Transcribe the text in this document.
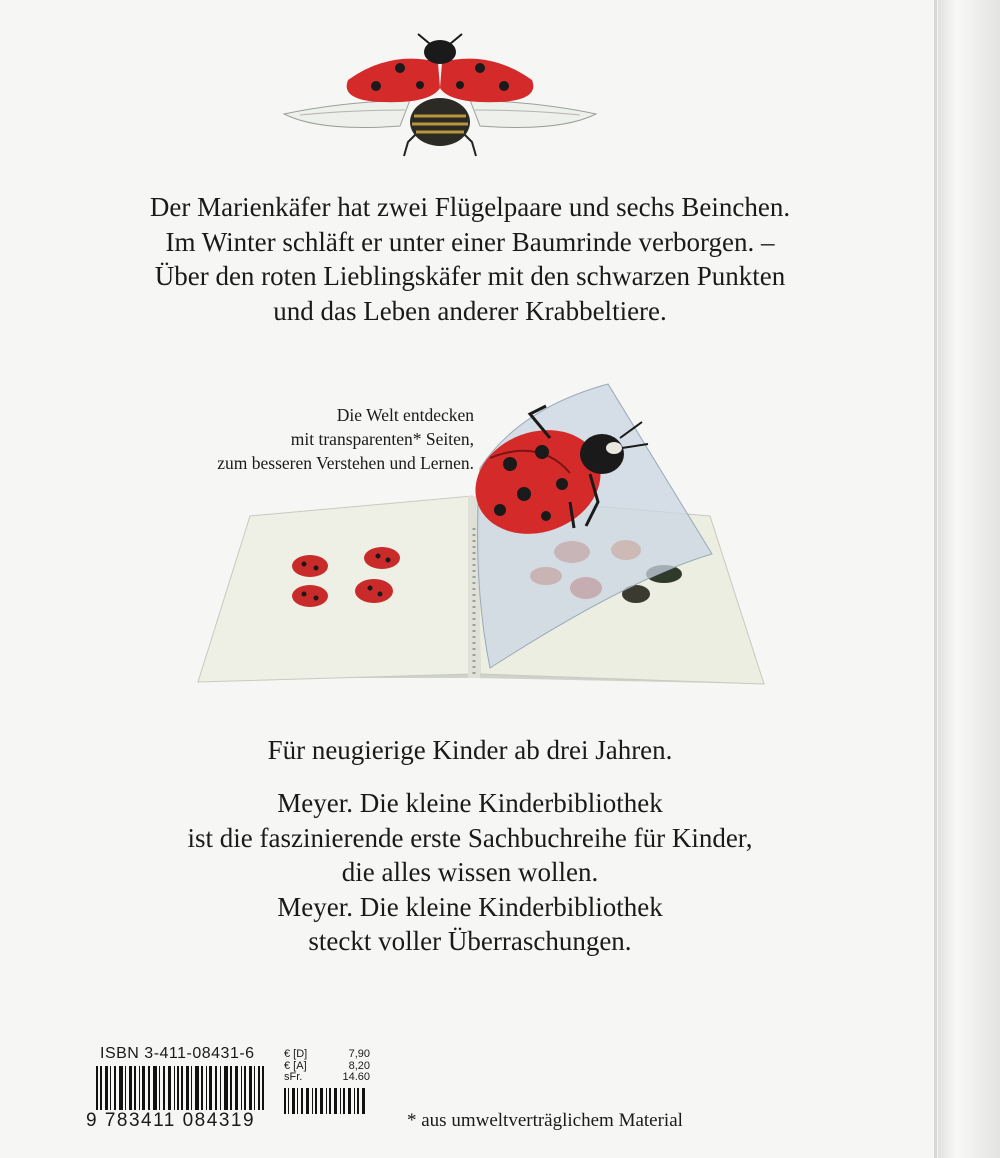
Der Marienkäfer hat zwei Flügelpaare und sechs Beinchen.
Im Winter schläft er unter einer Baumrinde verborgen. –
Über den roten Lieblingskäfer mit den schwarzen Punkten
und das Leben anderer Krabbeltiere.
Die Welt entdecken
mit transparenten* Seiten,
zum besseren Verstehen und Lernen.
Für neugierige Kinder ab drei Jahren.
Meyer. Die kleine Kinderbibliothek
ist die faszinierende erste Sachbuchreihe für Kinder,
die alles wissen wollen.
Meyer. Die kleine Kinderbibliothek
steckt voller Überraschungen.
ISBN 3-411-08431-6
9 783411 084319
€ [D]	7,90
€ [A]	8,20
sFr.	14.60
* aus umweltverträglichem Material
